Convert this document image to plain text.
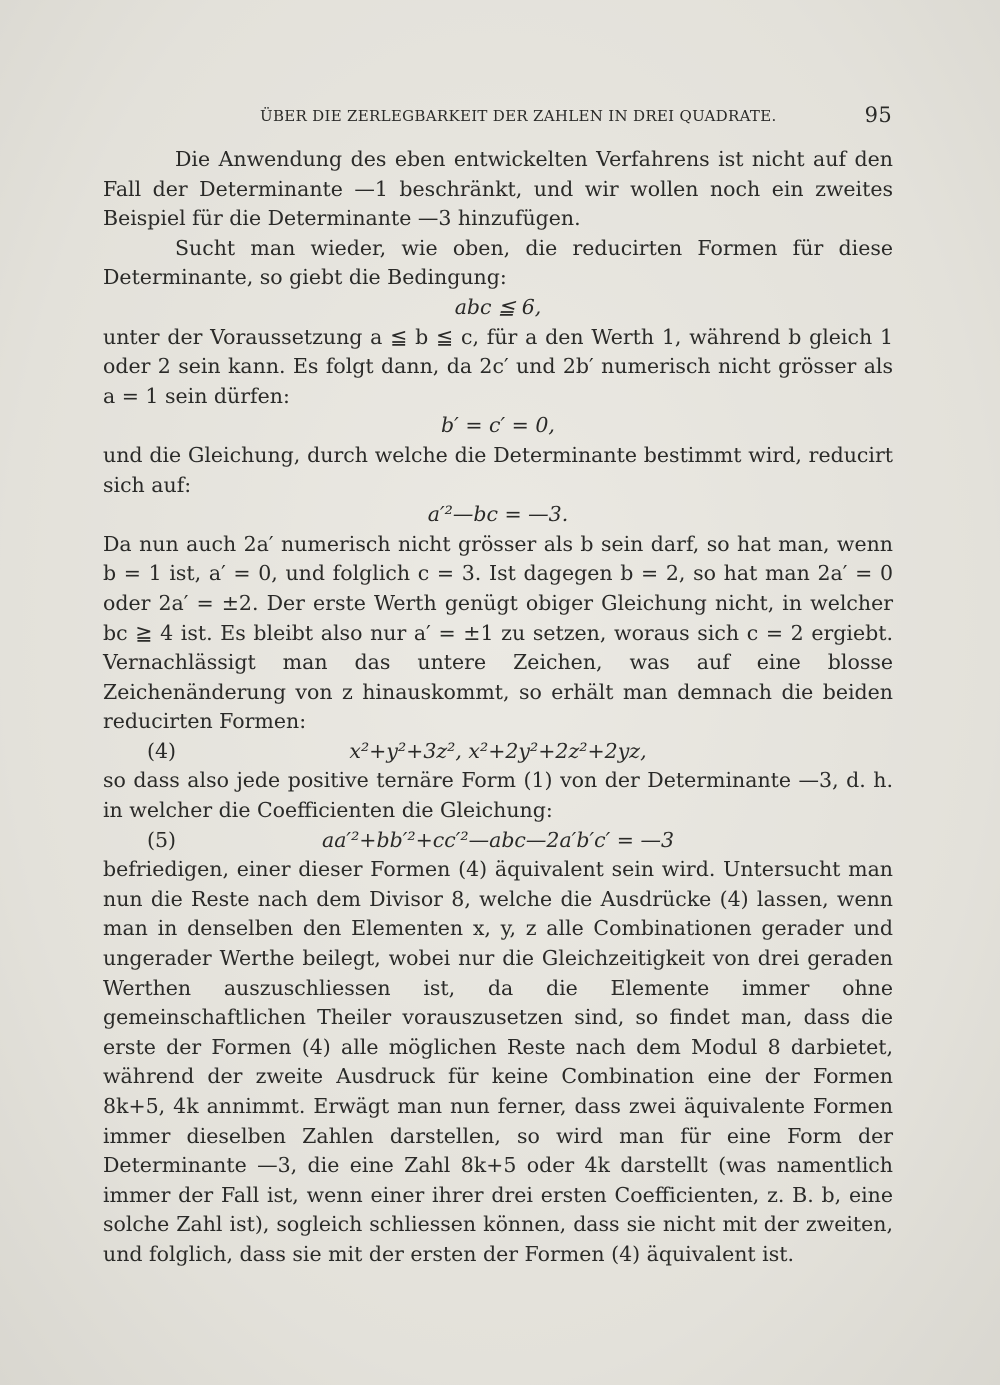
ÜBER DIE ZERLEGBARKEIT DER ZAHLEN IN DREI QUADRATE.	95

Die Anwendung des eben entwickelten Verfahrens ist nicht auf den Fall der Determinante —1 beschränkt, und wir wollen noch ein zweites Beispiel für die Determinante —3 hinzufügen.

Sucht man wieder, wie oben, die reducirten Formen für diese Determinante, so giebt die Bedingung:

abc ≦ 6,

unter der Voraussetzung a ≦ b ≦ c, für a den Werth 1, während b gleich 1 oder 2 sein kann. Es folgt dann, da 2c′ und 2b′ numerisch nicht grösser als a = 1 sein dürfen:

b′ = c′ = 0,

und die Gleichung, durch welche die Determinante bestimmt wird, reducirt sich auf:

a′²—bc = —3.

Da nun auch 2a′ numerisch nicht grösser als b sein darf, so hat man, wenn b = 1 ist, a′ = 0, und folglich c = 3. Ist dagegen b = 2, so hat man 2a′ = 0 oder 2a′ = ±2. Der erste Werth genügt obiger Gleichung nicht, in welcher bc ≧ 4 ist. Es bleibt also nur a′ = ±1 zu setzen, woraus sich c = 2 ergiebt. Vernachlässigt man das untere Zeichen, was auf eine blosse Zeichenänderung von z hinauskommt, so erhält man demnach die beiden reducirten Formen:

(4)	x²+y²+3z², x²+2y²+2z²+2yz,

so dass also jede positive ternäre Form (1) von der Determinante —3, d. h. in welcher die Coefficienten die Gleichung:

(5)	aa′²+bb′²+cc′²—abc—2a′b′c′ = —3

befriedigen, einer dieser Formen (4) äquivalent sein wird. Untersucht man nun die Reste nach dem Divisor 8, welche die Ausdrücke (4) lassen, wenn man in denselben den Elementen x, y, z alle Combinationen gerader und ungerader Werthe beilegt, wobei nur die Gleichzeitigkeit von drei geraden Werthen auszuschliessen ist, da die Elemente immer ohne gemeinschaftlichen Theiler vorauszusetzen sind, so findet man, dass die erste der Formen (4) alle möglichen Reste nach dem Modul 8 darbietet, während der zweite Ausdruck für keine Combination eine der Formen 8k+5, 4k annimmt. Erwägt man nun ferner, dass zwei äquivalente Formen immer dieselben Zahlen darstellen, so wird man für eine Form der Determinante —3, die eine Zahl 8k+5 oder 4k darstellt (was namentlich immer der Fall ist, wenn einer ihrer drei ersten Coefficienten, z. B. b, eine solche Zahl ist), sogleich schliessen können, dass sie nicht mit der zweiten, und folglich, dass sie mit der ersten der Formen (4) äquivalent ist.
